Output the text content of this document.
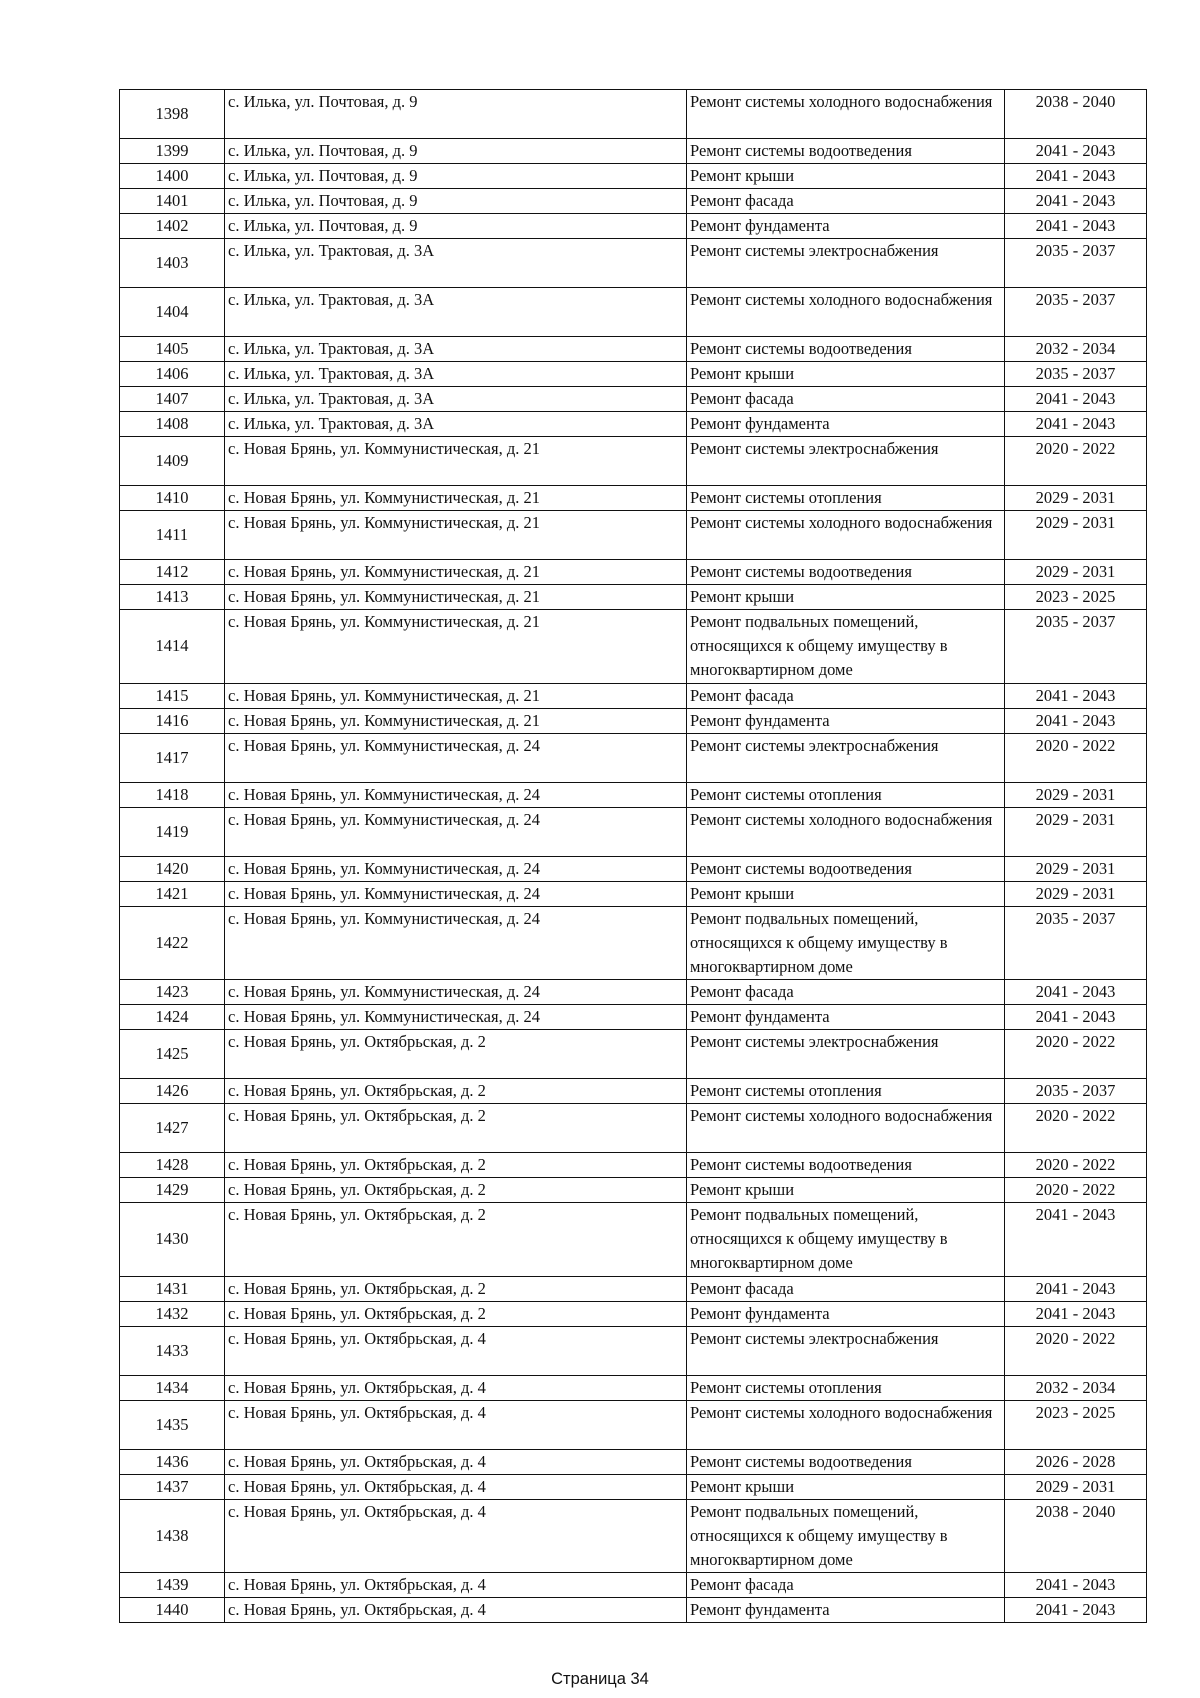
1398	с. Илька, ул. Почтовая, д. 9	Ремонт системы холодного водоснабжения	2038 - 2040
1399	с. Илька, ул. Почтовая, д. 9	Ремонт системы водоотведения	2041 - 2043
1400	с. Илька, ул. Почтовая, д. 9	Ремонт крыши	2041 - 2043
1401	с. Илька, ул. Почтовая, д. 9	Ремонт фасада	2041 - 2043
1402	с. Илька, ул. Почтовая, д. 9	Ремонт фундамента	2041 - 2043
1403	с. Илька, ул. Трактовая, д. 3А	Ремонт системы электроснабжения	2035 - 2037
1404	с. Илька, ул. Трактовая, д. 3А	Ремонт системы холодного водоснабжения	2035 - 2037
1405	с. Илька, ул. Трактовая, д. 3А	Ремонт системы водоотведения	2032 - 2034
1406	с. Илька, ул. Трактовая, д. 3А	Ремонт крыши	2035 - 2037
1407	с. Илька, ул. Трактовая, д. 3А	Ремонт фасада	2041 - 2043
1408	с. Илька, ул. Трактовая, д. 3А	Ремонт фундамента	2041 - 2043
1409	с. Новая Брянь, ул. Коммунистическая, д. 21	Ремонт системы электроснабжения	2020 - 2022
1410	с. Новая Брянь, ул. Коммунистическая, д. 21	Ремонт системы отопления	2029 - 2031
1411	с. Новая Брянь, ул. Коммунистическая, д. 21	Ремонт системы холодного водоснабжения	2029 - 2031
1412	с. Новая Брянь, ул. Коммунистическая, д. 21	Ремонт системы водоотведения	2029 - 2031
1413	с. Новая Брянь, ул. Коммунистическая, д. 21	Ремонт крыши	2023 - 2025
1414	с. Новая Брянь, ул. Коммунистическая, д. 21	Ремонт подвальных помещений, относящихся к общему имуществу в многоквартирном доме	2035 - 2037
1415	с. Новая Брянь, ул. Коммунистическая, д. 21	Ремонт фасада	2041 - 2043
1416	с. Новая Брянь, ул. Коммунистическая, д. 21	Ремонт фундамента	2041 - 2043
1417	с. Новая Брянь, ул. Коммунистическая, д. 24	Ремонт системы электроснабжения	2020 - 2022
1418	с. Новая Брянь, ул. Коммунистическая, д. 24	Ремонт системы отопления	2029 - 2031
1419	с. Новая Брянь, ул. Коммунистическая, д. 24	Ремонт системы холодного водоснабжения	2029 - 2031
1420	с. Новая Брянь, ул. Коммунистическая, д. 24	Ремонт системы водоотведения	2029 - 2031
1421	с. Новая Брянь, ул. Коммунистическая, д. 24	Ремонт крыши	2029 - 2031
1422	с. Новая Брянь, ул. Коммунистическая, д. 24	Ремонт подвальных помещений, относящихся к общему имуществу в многоквартирном доме	2035 - 2037
1423	с. Новая Брянь, ул. Коммунистическая, д. 24	Ремонт фасада	2041 - 2043
1424	с. Новая Брянь, ул. Коммунистическая, д. 24	Ремонт фундамента	2041 - 2043
1425	с. Новая Брянь, ул. Октябрьская, д. 2	Ремонт системы электроснабжения	2020 - 2022
1426	с. Новая Брянь, ул. Октябрьская, д. 2	Ремонт системы отопления	2035 - 2037
1427	с. Новая Брянь, ул. Октябрьская, д. 2	Ремонт системы холодного водоснабжения	2020 - 2022
1428	с. Новая Брянь, ул. Октябрьская, д. 2	Ремонт системы водоотведения	2020 - 2022
1429	с. Новая Брянь, ул. Октябрьская, д. 2	Ремонт крыши	2020 - 2022
1430	с. Новая Брянь, ул. Октябрьская, д. 2	Ремонт подвальных помещений, относящихся к общему имуществу в многоквартирном доме	2041 - 2043
1431	с. Новая Брянь, ул. Октябрьская, д. 2	Ремонт фасада	2041 - 2043
1432	с. Новая Брянь, ул. Октябрьская, д. 2	Ремонт фундамента	2041 - 2043
1433	с. Новая Брянь, ул. Октябрьская, д. 4	Ремонт системы электроснабжения	2020 - 2022
1434	с. Новая Брянь, ул. Октябрьская, д. 4	Ремонт системы отопления	2032 - 2034
1435	с. Новая Брянь, ул. Октябрьская, д. 4	Ремонт системы холодного водоснабжения	2023 - 2025
1436	с. Новая Брянь, ул. Октябрьская, д. 4	Ремонт системы водоотведения	2026 - 2028
1437	с. Новая Брянь, ул. Октябрьская, д. 4	Ремонт крыши	2029 - 2031
1438	с. Новая Брянь, ул. Октябрьская, д. 4	Ремонт подвальных помещений, относящихся к общему имуществу в многоквартирном доме	2038 - 2040
1439	с. Новая Брянь, ул. Октябрьская, д. 4	Ремонт фасада	2041 - 2043
1440	с. Новая Брянь, ул. Октябрьская, д. 4	Ремонт фундамента	2041 - 2043
Страница 34
